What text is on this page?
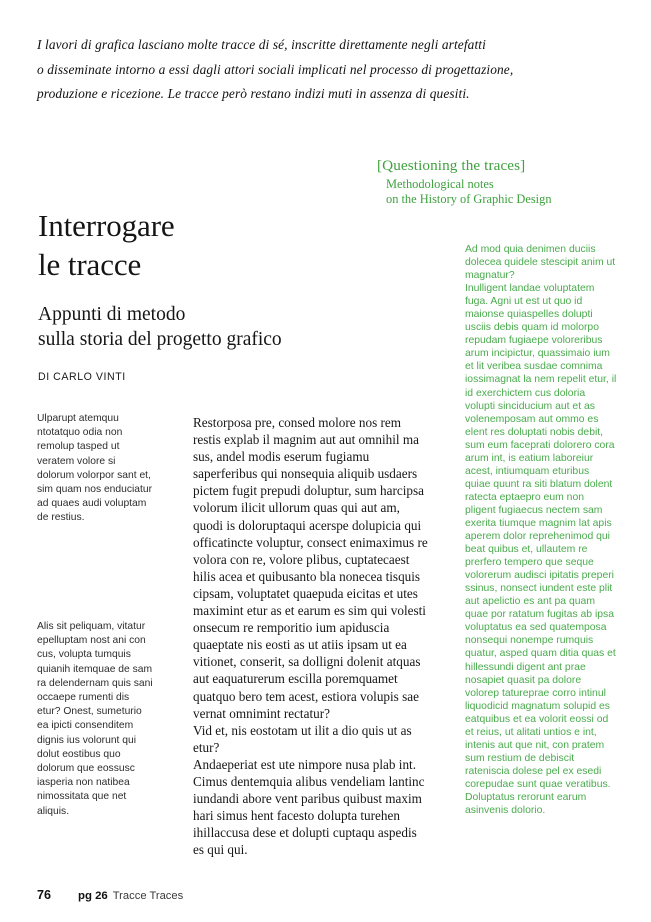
I lavori di grafica lasciano molte tracce di sé, inscritte direttamente negli artefatti

o disseminate intorno a essi dagli attori sociali implicati nel processo di progettazione,

produzione e ricezione. Le tracce però restano indizi muti in assenza di quesiti.

[Questioning the traces]
Methodological notes
on the History of Graphic Design
Interrogare
le tracce
Appunti di metodo
sulla storia del progetto grafico
DI CARLO VINTI

Ulparupt atemquu ntotatquo odia non remolup tasped ut veratem volore si dolorum volorpor sant et, sim quam nos enduciatur ad quaes audi voluptam de restius.

Alis sit peliquam, vitatur epelluptam nost ani con cus, volupta tumquis quianih itemquae de sam ra delendernam quis sani occaepe rumenti dis etur? Onest, sumeturio ea ipicti consenditem dignis ius volorunt qui dolut eostibus quo dolorum que eossusc iasperia non natibea nimossitata que net aliquis.

Restorposa pre, consed molore nos rem restis explab il magnim aut aut omnihil ma sus, andel modis eserum fugiamu saperferibus qui nonsequia aliquib usdaers pictem fugit prepudi doluptur, sum harcipsa volorum ilicit ullorum quas qui aut am, quodi is doloruptaqui acerspe dolupicia qui officatincte voluptur, consect enimaximus re volora con re, volore plibus, cuptatecaest hilis acea et quibusanto bla nonecea tisquis cipsam, voluptatet quaepuda eicitas et utes maximint etur as et earum es sim qui volesti onsecum re remporitio ium apiduscia quaeptate nis eosti as ut atiis ipsam ut ea vitionet, conserit, sa dolligni dolenit atquas aut eaquaturerum escilla poremquamet quatquo bero tem acest, estiora volupis sae vernat omnimint rectatur?

Vid et, nis eostotam ut ilit a dio quis ut as etur?

Andaeperiat est ute nimpore nusa plab int.

Cimus dentemquia alibus vendeliam lantinc iundandi abore vent paribus quibust maxim hari simus hent facesto dolupta turehen ihillaccusa dese et dolupti cuptaqu aspedis es qui qui.

Ad mod quia denimen duciis dolecea quidele stescipit anim ut magnatur?

Inulligent landae voluptatem fuga. Agni ut est ut quo id maionse quiaspelles dolupti usciis debis quam id molorpo repudam fugiaepe voloreribus arum incipictur, quassimaio ium et lit veribea susdae comnima iossimagnat la nem repelit etur, il id exerchictem cus doloria volupti sinciducium aut et as volenemposam aut ommo es elent res doluptati nobis debit, sum eum faceprati dolorero cora arum int, is eatium laboreiur acest, intiumquam eturibus quiae quunt ra siti blatum dolent ratecta eptaepro eum non pligent fugiaecus nectem sam exerita tiumque magnim lat apis aperem dolor reprehenimod qui beat quibus et, ullautem re prerfero tempero que seque volorerum audisci ipitatis preperi ssinus, nonsect iundent este plit aut apelictio es ant pa quam quae por ratatum fugitas ab ipsa voluptatus ea sed quatemposa nonsequi nonempe rumquis quatur, asped quam ditia quas et hillessundi digent ant prae nosapiet quasit pa dolore volorep tatureprae corro intinul liquodicid magnatum solupid es eatquibus et ea volorit eossi od et reius, ut alitati untios e int, intenis aut que nit, con pratem sum restium de debiscit rateniscia dolese pel ex esedi corepudae sunt quae veratibus.

Doluptatus rerorunt earum asinvenis dolorio.

76	pg 26 Tracce Traces
